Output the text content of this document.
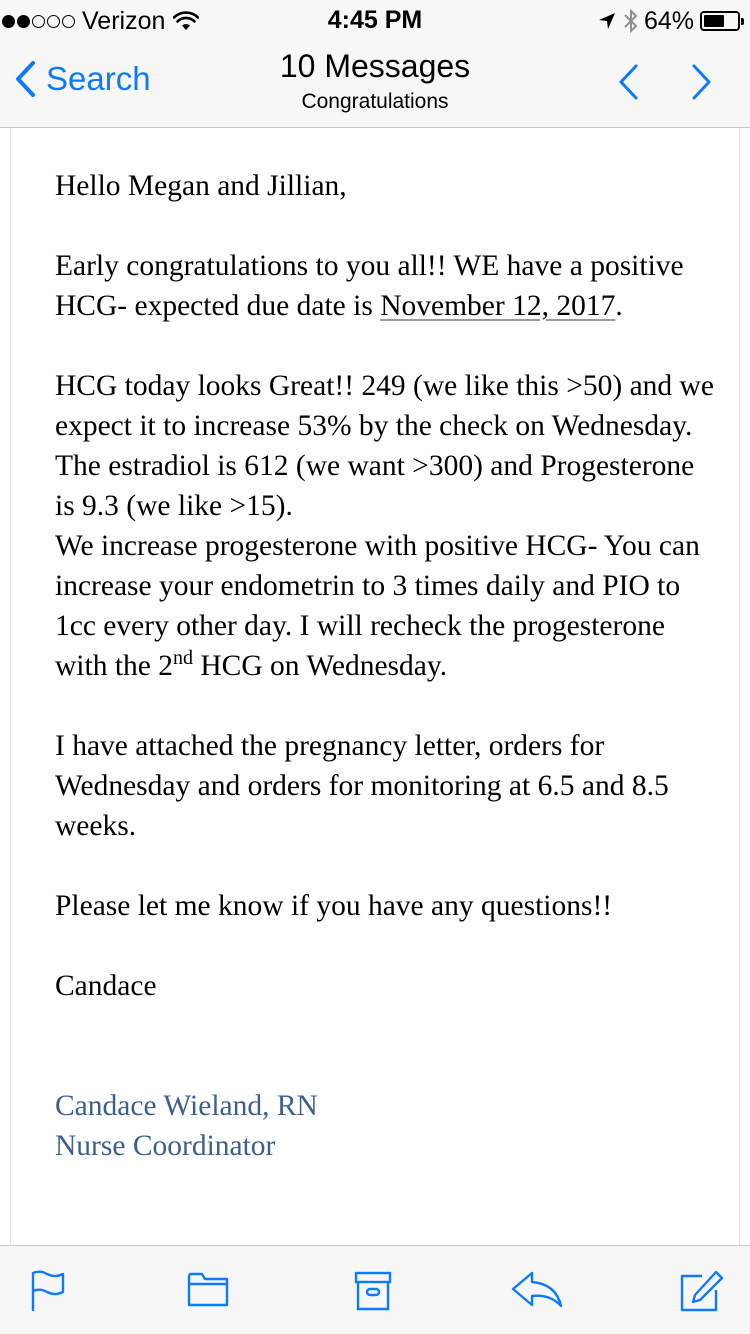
Verizon	4:45 PM	64%
Search	10 Messages
Congratulations

Hello Megan and Jillian,

Early congratulations to you all!! WE have a positive HCG- expected due date is November 12, 2017.

HCG today looks Great!! 249 (we like this >50) and we expect it to increase 53% by the check on Wednesday. The estradiol is 612 (we want >300) and Progesterone is 9.3 (we like >15).

We increase progesterone with positive HCG- You can increase your endometrin to 3 times daily and PIO to 1cc every other day. I will recheck the progesterone with the 2nd HCG on Wednesday.

I have attached the pregnancy letter, orders for Wednesday and orders for monitoring at 6.5 and 8.5 weeks.

Please let me know if you have any questions!!

Candace

Candace Wieland, RN

Nurse Coordinator
